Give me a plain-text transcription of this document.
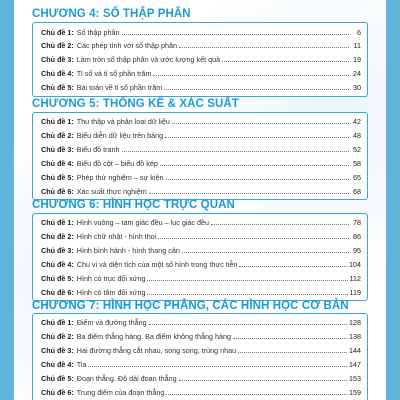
CHƯƠNG 4: SỐ THẬP PHÂN
Chủ đề 1: Số thập phân	6
Chủ đề 2: Các phép tính với số thập phân	11
Chủ đề 3: Làm tròn số thập phân và ước lượng kết quả	19
Chủ đề 4: Tỉ số và tỉ số phần trăm	24
Chủ đề 5: Bài toán về tỉ số phần trăm	30
CHƯƠNG 5: THỐNG KÊ & XÁC SUẤT
Chủ đề 1: Thu thập và phân loại dữ liệu	42
Chủ đề 2: Biểu diễn dữ liệu trên bảng	48
Chủ đề 3: Biểu đồ tranh	52
Chủ đề 4: Biểu đồ cột – biểu đồ kép	58
Chủ đề 5: Phép thử nghiệm – sự kiện	65
Chủ đề 6: Xác suất thực nghiệm	68
CHƯƠNG 6: HÌNH HỌC TRỰC QUAN
Chủ đề 1: Hình vuông – tam giác đều – lục giác đều	78
Chủ đề 2: Hình chữ nhật - hình thoi	86
Chủ đề 3: Hình bình hành - hình thang cân	95
Chủ đề 4: Chu vi và diện tích của một số hình trong thực tiễn	104
Chủ đề 5: Hình có trục đối xứng	112
Chủ đề 6: Hình có tâm đối xứng	119
CHƯƠNG 7: HÌNH HỌC PHẲNG, CÁC HÌNH HỌC CƠ BẢN
Chủ đề 1: Điểm và đường thẳng	128
Chủ đề 2: Ba điểm thẳng hàng. Ba điểm không thẳng hàng	138
Chủ đề 3: Hai đường thẳng cắt nhau, song song, trùng nhau	144
Chủ đề 4: Tia	147
Chủ đề 5: Đoạn thẳng. Độ dài đoạn thẳng	153
Chủ đề 6: Trung điểm của đoạn thẳng	159
